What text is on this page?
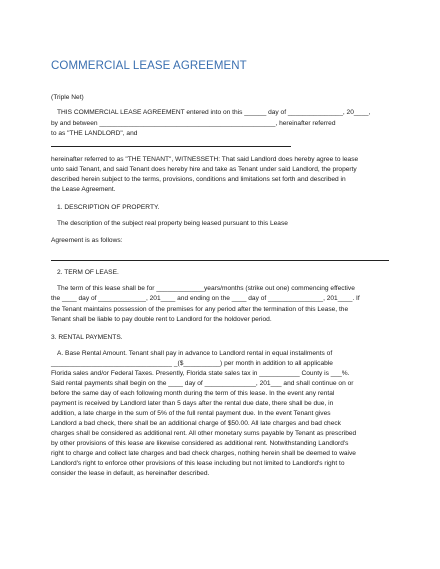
COMMERCIAL LEASE AGREEMENT
(Triple Net)
THIS COMMERCIAL LEASE AGREEMENT entered into on this ______ day of _______________, 20____,
by and between ________________________________________________, hereinafter referred
to as "THE LANDLORD", and
hereinafter referred to as "THE TENANT", WITNESSETH: That said Landlord does hereby agree to lease
unto said Tenant, and said Tenant does hereby hire and take as Tenant under said Landlord, the property
described herein subject to the terms, provisions, conditions and limitations set forth and described in
the Lease Agreement.
1. DESCRIPTION OF PROPERTY.
The description of the subject real property being leased pursuant to this Lease
Agreement is as follows:
2. TERM OF LEASE.
The term of this lease shall be for _____________years/months (strike out one) commencing effective
the ____ day of _____________, 201____ and ending on the ____ day of _______________, 201____. If
the Tenant maintains possession of the premises for any period after the termination of this Lease, the
Tenant shall be liable to pay double rent to Landlord for the holdover period.
3. RENTAL PAYMENTS.
A. Base Rental Amount. Tenant shall pay in advance to Landlord rental in equal installments of
_________________________________ _($__________) per month in addition to all applicable
Florida sales and/or Federal Taxes. Presently, Florida state sales tax in ___________ County is ___%.
Said rental payments shall begin on the ____ day of ______________, 201___ and shall continue on or
before the same day of each following month during the term of this lease. In the event any rental
payment is received by Landlord later than 5 days after the rental due date, there shall be due, in
addition, a late charge in the sum of 5% of the full rental payment due. In the event Tenant gives
Landlord a bad check, there shall be an additional charge of $50.00. All late charges and bad check
charges shall be considered as additional rent. All other monetary sums payable by Tenant as prescribed
by other provisions of this lease are likewise considered as additional rent. Notwithstanding Landlord's
right to charge and collect late charges and bad check charges, nothing herein shall be deemed to waive
Landlord's right to enforce other provisions of this lease including but not limited to Landlord's right to
consider the lease in default, as hereinafter described.
